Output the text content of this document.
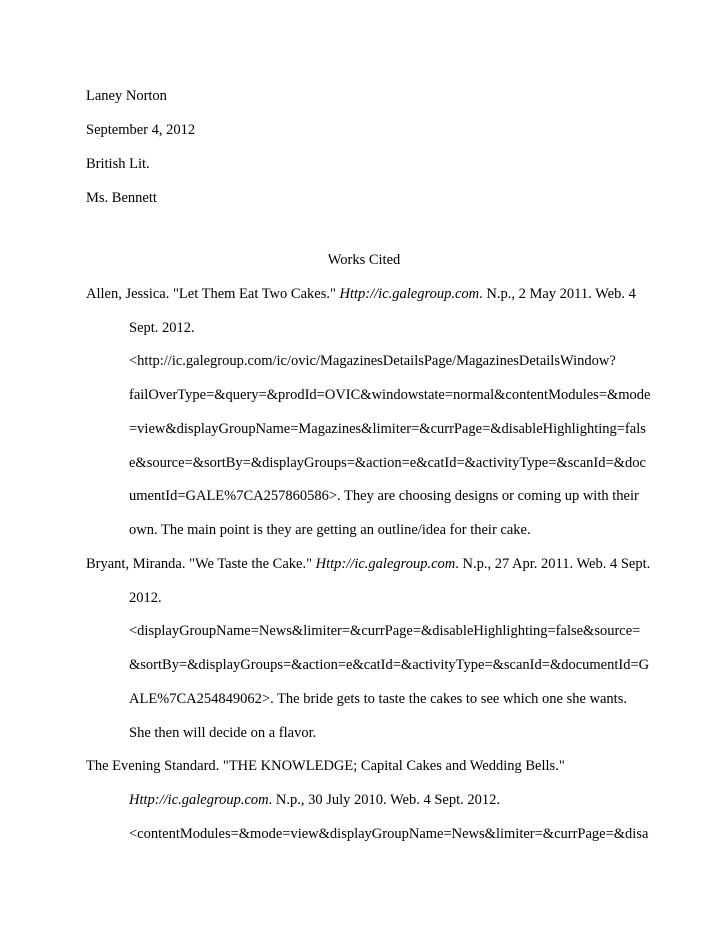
Laney Norton
September 4, 2012
British Lit.
Ms. Bennett
Works Cited
Allen, Jessica. "Let Them Eat Two Cakes." Http://ic.galegroup.com. N.p., 2 May 2011. Web. 4
Sept. 2012.
<http://ic.galegroup.com/ic/ovic/MagazinesDetailsPage/MagazinesDetailsWindow?
failOverType=&query=&prodId=OVIC&windowstate=normal&contentModules=&mode
=view&displayGroupName=Magazines&limiter=&currPage=&disableHighlighting=fals
e&source=&sortBy=&displayGroups=&action=e&catId=&activityType=&scanId=&doc
umentId=GALE%7CA257860586>. They are choosing designs or coming up with their
own. The main point is they are getting an outline/idea for their cake.
Bryant, Miranda. "We Taste the Cake." Http://ic.galegroup.com. N.p., 27 Apr. 2011. Web. 4 Sept.
2012.
<displayGroupName=News&limiter=&currPage=&disableHighlighting=false&source=
&sortBy=&displayGroups=&action=e&catId=&activityType=&scanId=&documentId=G
ALE%7CA254849062>. The bride gets to taste the cakes to see which one she wants.
She then will decide on a flavor.
The Evening Standard. "THE KNOWLEDGE; Capital Cakes and Wedding Bells."
Http://ic.galegroup.com. N.p., 30 July 2010. Web. 4 Sept. 2012.
<contentModules=&mode=view&displayGroupName=News&limiter=&currPage=&disa
